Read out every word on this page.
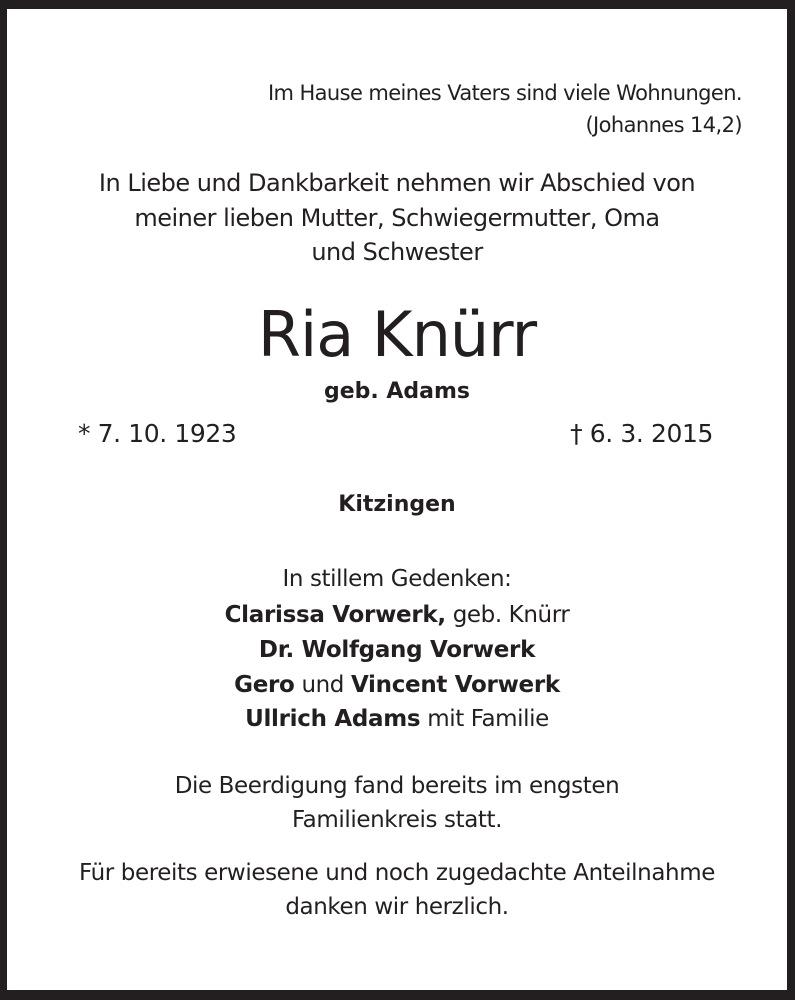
Im Hause meines Vaters sind viele Wohnungen.
(Johannes 14,2)
In Liebe und Dankbarkeit nehmen wir Abschied von
meiner lieben Mutter, Schwiegermutter, Oma
und Schwester
Ria Knürr
geb. Adams
* 7. 10. 1923	† 6. 3. 2015
Kitzingen
In stillem Gedenken:
Clarissa Vorwerk, geb. Knürr
Dr. Wolfgang Vorwerk
Gero und Vincent Vorwerk
Ullrich Adams mit Familie
Die Beerdigung fand bereits im engsten
Familienkreis statt.
Für bereits erwiesene und noch zugedachte Anteilnahme
danken wir herzlich.
